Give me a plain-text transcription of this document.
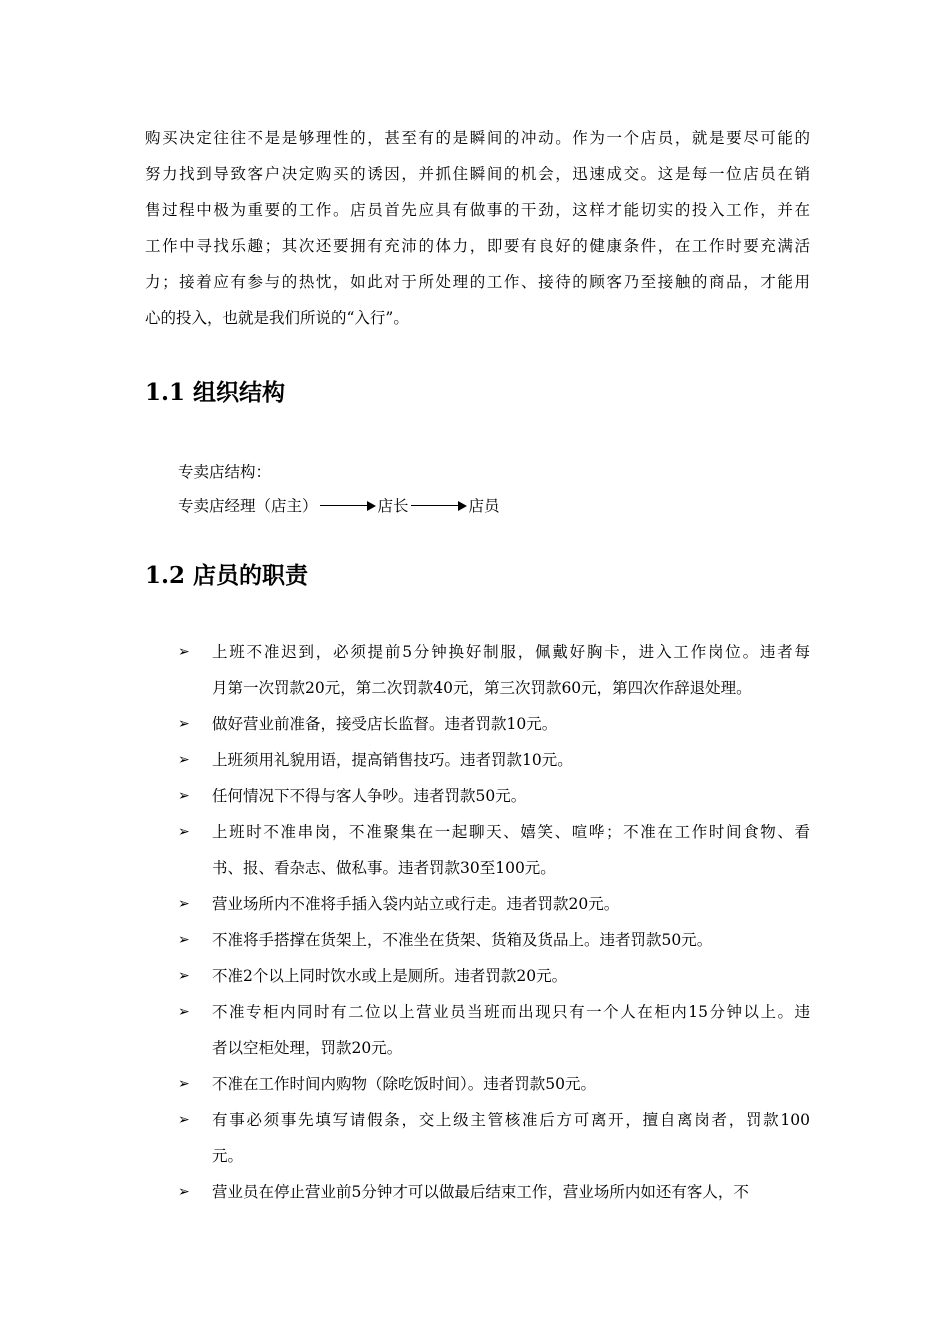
购买决定往往不是是够理性的，甚至有的是瞬间的冲动。作为一个店员，就是要尽可能的
努力找到导致客户决定购买的诱因，并抓住瞬间的机会，迅速成交。这是每一位店员在销
售过程中极为重要的工作。店员首先应具有做事的干劲，这样才能切实的投入工作，并在
工作中寻找乐趣；其次还要拥有充沛的体力，即要有良好的健康条件，在工作时要充满活
力；接着应有参与的热忱，如此对于所处理的工作、接待的顾客乃至接触的商品，才能用
心的投入，也就是我们所说的“入行”。
1.1 组织结构
专卖店结构：
专卖店经理（店主）	店长	店员
1.2 店员的职责
➢ 上班不准迟到，必须提前5分钟换好制服，佩戴好胸卡，进入工作岗位。违者每
月第一次罚款20元，第二次罚款40元，第三次罚款60元，第四次作辞退处理。
➢ 做好营业前准备，接受店长监督。违者罚款10元。
➢ 上班须用礼貌用语，提高销售技巧。违者罚款10元。
➢ 任何情况下不得与客人争吵。违者罚款50元。
➢ 上班时不准串岗，不准聚集在一起聊天、嬉笑、喧哗；不准在工作时间食物、看
书、报、看杂志、做私事。违者罚款30至100元。
➢ 营业场所内不准将手插入袋内站立或行走。违者罚款20元。
➢ 不准将手搭撑在货架上，不准坐在货架、货箱及货品上。违者罚款50元。
➢ 不准2个以上同时饮水或上是厕所。违者罚款20元。
➢ 不准专柜内同时有二位以上营业员当班而出现只有一个人在柜内15分钟以上。违
者以空柜处理，罚款20元。
➢ 不准在工作时间内购物（除吃饭时间）。违者罚款50元。
➢ 有事必须事先填写请假条，交上级主管核准后方可离开，擅自离岗者，罚款100
元。
➢ 营业员在停止营业前5分钟才可以做最后结束工作，营业场所内如还有客人，不
